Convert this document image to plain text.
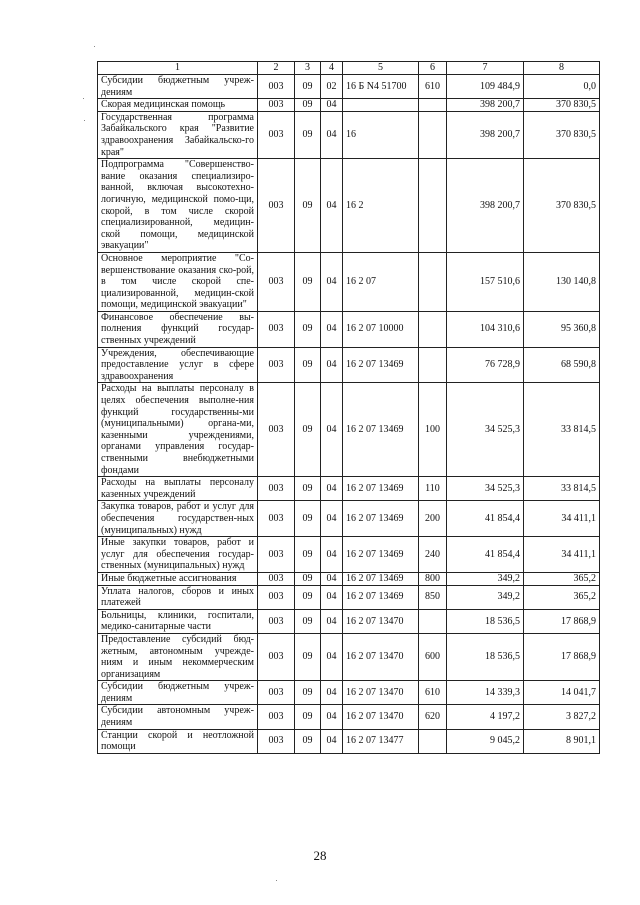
1	2	3	4	5	6	7	8
Субсидии бюджетным учреж-дениям	003	09	02	16 Б N4 51700	610	109 484,9	0,0
Скорая медицинская помощь	003	09	04			398 200,7	370 830,5
Государственная программа Забайкальского края "Развитие здравоохранения Забайкальско-го края"	003	09	04	16		398 200,7	370 830,5
Подпрограмма "Совершенство-вание оказания специализиро-ванной, включая высокотехно-логичную, медицинской помо-щи, скорой, в том числе скорой специализированной, медицин-ской помощи, медицинской эвакуации"	003	09	04	16 2		398 200,7	370 830,5
Основное мероприятие "Со-вершенствование оказания ско-рой, в том числе скорой спе-циализированной, медицин-ской помощи, медицинской эвакуации"	003	09	04	16 2 07		157 510,6	130 140,8
Финансовое обеспечение вы-полнения функций государ-ственных учреждений	003	09	04	16 2 07 10000		104 310,6	95 360,8
Учреждения, обеспечивающие предоставление услуг в сфере здравоохранения	003	09	04	16 2 07 13469		76 728,9	68 590,8
Расходы на выплаты персоналу в целях обеспечения выполне-ния функций государственны-ми (муниципальными) органа-ми, казенными учреждениями, органами управления государ-ственными внебюджетными фондами	003	09	04	16 2 07 13469	100	34 525,3	33 814,5
Расходы на выплаты персоналу казенных учреждений	003	09	04	16 2 07 13469	110	34 525,3	33 814,5
Закупка товаров, работ и услуг для обеспечения государствен-ных (муниципальных) нужд	003	09	04	16 2 07 13469	200	41 854,4	34 411,1
Иные закупки товаров, работ и услуг для обеспечения государ-ственных (муниципальных) нужд	003	09	04	16 2 07 13469	240	41 854,4	34 411,1
Иные бюджетные ассигнования	003	09	04	16 2 07 13469	800	349,2	365,2
Уплата налогов, сборов и иных платежей	003	09	04	16 2 07 13469	850	349,2	365,2
Больницы, клиники, госпитали, медико-санитарные части	003	09	04	16 2 07 13470		18 536,5	17 868,9
Предоставление субсидий бюд-жетным, автономным учрежде-ниям и иным некоммерческим организациям	003	09	04	16 2 07 13470	600	18 536,5	17 868,9
Субсидии бюджетным учреж-дениям	003	09	04	16 2 07 13470	610	14 339,3	14 041,7
Субсидии автономным учреж-дениям	003	09	04	16 2 07 13470	620	4 197,2	3 827,2
Станции скорой и неотложной помощи	003	09	04	16 2 07 13477		9 045,2	8 901,1
28
